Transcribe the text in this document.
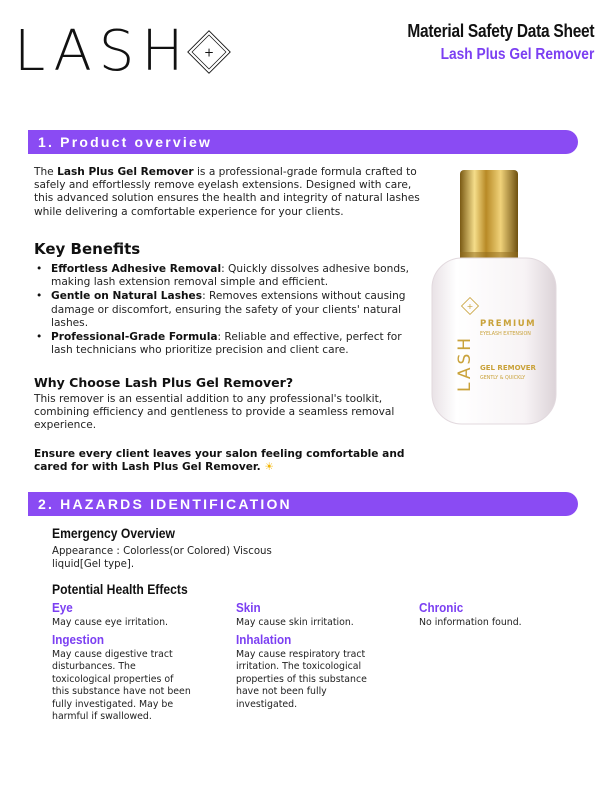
LASH +
Material Safety Data Sheet
Lash Plus Gel Remover
1. Product overview

The Lash Plus Gel Remover is a professional-grade formula crafted to safely and effortlessly remove eyelash extensions. Designed with care, this advanced solution ensures the health and integrity of natural lashes while delivering a comfortable experience for your clients.

Key Benefits
• Effortless Adhesive Removal: Quickly dissolves adhesive bonds, making lash extension removal simple and efficient.
• Gentle on Natural Lashes: Removes extensions without causing damage or discomfort, ensuring the safety of your clients' natural lashes.
• Professional-Grade Formula: Reliable and effective, perfect for lash technicians who prioritize precision and client care.
Why Choose Lash Plus Gel Remover?

This remover is an essential addition to any professional's toolkit, combining efficiency and gentleness to provide a seamless removal experience.

Ensure every client leaves your salon feeling comfortable and cared for with Lash Plus Gel Remover. ☀

+
LASH
PREMIUM
EYELASH EXTENSION
GEL REMOVER
GENTLY & QUICKLY
2. HAZARDS IDENTIFICATION
Emergency Overview

Appearance : Colorless(or Colored) Viscous liquid[Gel type].

Potential Health Effects
Eye

May cause eye irritation.

Skin

May cause skin irritation.

Chronic

No information found.

Ingestion

May cause digestive tract disturbances. The toxicological properties of this substance have not been fully investigated. May be harmful if swallowed.

Inhalation

May cause respiratory tract irritation. The toxicological properties of this substance have not been fully investigated.
